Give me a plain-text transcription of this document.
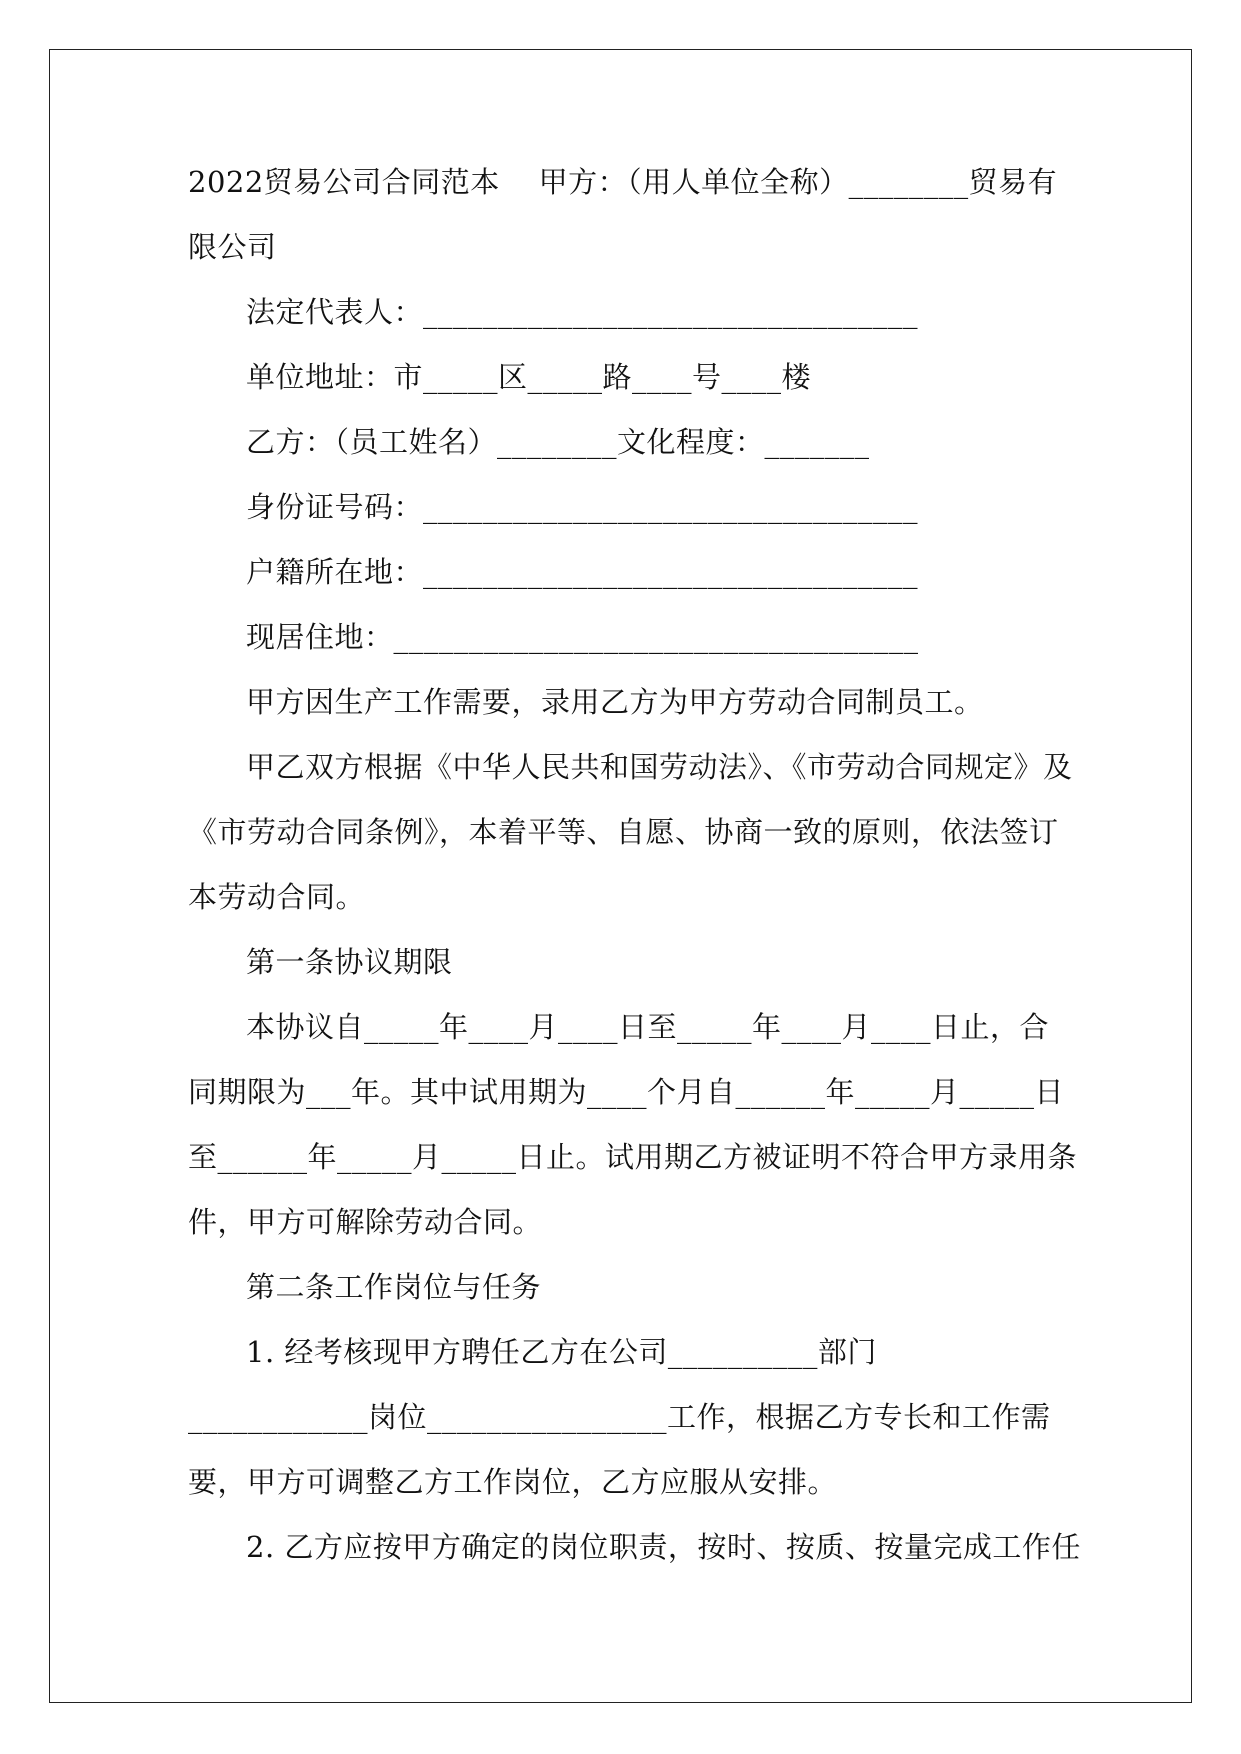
2022贸易公司合同范本    甲方：（用人单位全称）________贸易有

限公司

法定代表人：_________________________________

单位地址：市_____区_____路____号____楼

乙方：（员工姓名）________文化程度：_______

身份证号码：_________________________________

户籍所在地：_________________________________

现居住地：___________________________________

甲方因生产工作需要，录用乙方为甲方劳动合同制员工。

甲乙双方根据《中华人民共和国劳动法》、《市劳动合同规定》及

《市劳动合同条例》，本着平等、自愿、协商一致的原则，依法签订

本劳动合同。

第一条协议期限

本协议自_____年____月____日至_____年____月____日止，合

同期限为___年。其中试用期为____个月自______年_____月_____日

至______年_____月_____日止。试用期乙方被证明不符合甲方录用条

件，甲方可解除劳动合同。

第二条工作岗位与任务

1. 经考核现甲方聘任乙方在公司__________部门

____________岗位________________工作，根据乙方专长和工作需

要，甲方可调整乙方工作岗位，乙方应服从安排。

2. 乙方应按甲方确定的岗位职责，按时、按质、按量完成工作任
